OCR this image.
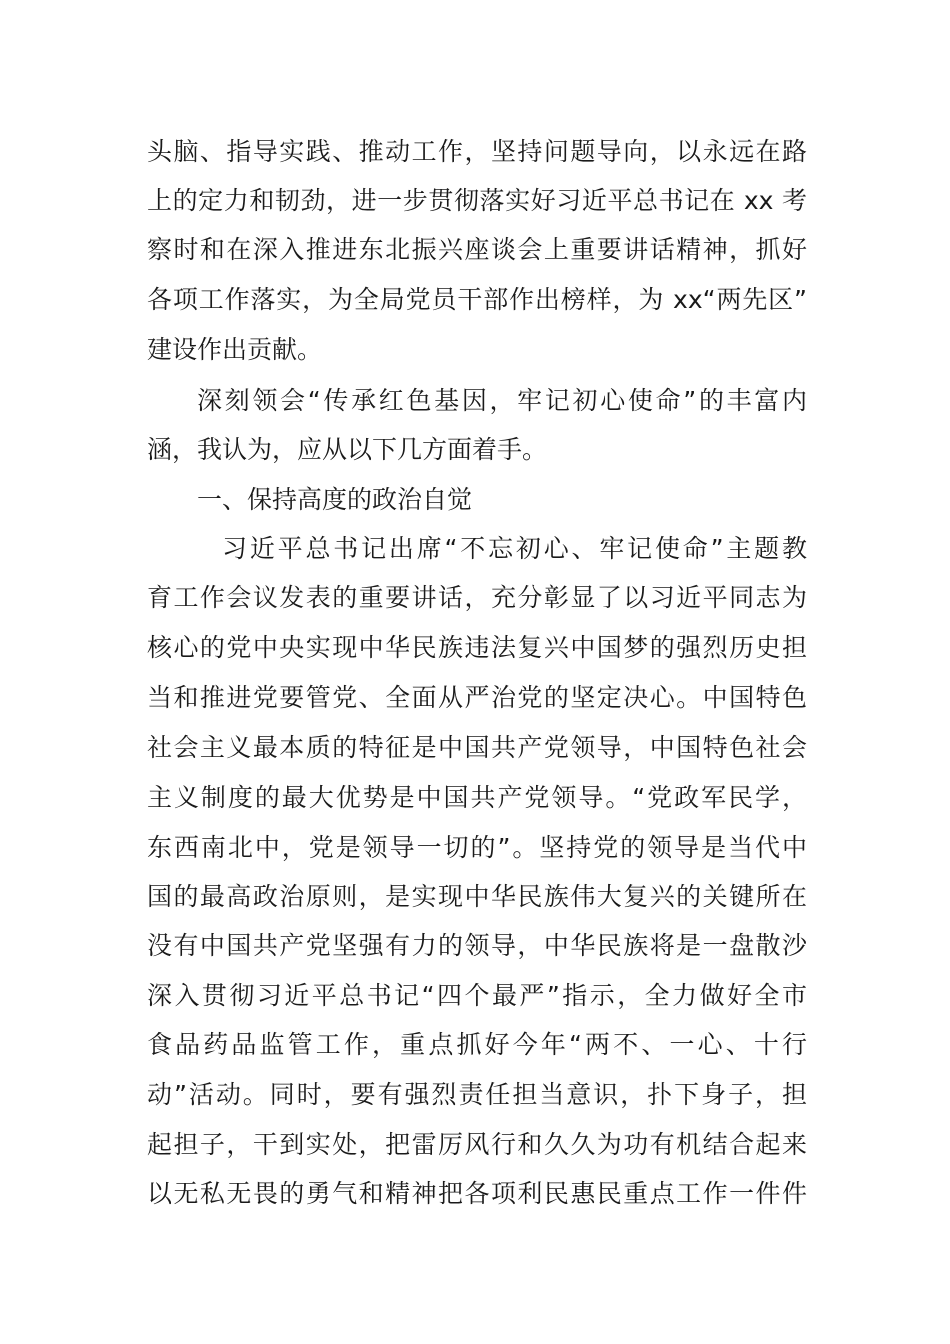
头脑、指导实践、推动工作，坚持问题导向，以永远在路
上的定力和韧劲，进一步贯彻落实好习近平总书记在 xx 考
察时和在深入推进东北振兴座谈会上重要讲话精神，抓好
各项工作落实，为全局党员干部作出榜样，为 xx“两先区”
建设作出贡献。
深刻领会“传承红色基因，牢记初心使命”的丰富内
涵，我认为，应从以下几方面着手。
一、保持高度的政治自觉
习近平总书记出席“不忘初心、牢记使命”主题教
育工作会议发表的重要讲话，充分彰显了以习近平同志为
核心的党中央实现中华民族违法复兴中国梦的强烈历史担
当和推进党要管党、全面从严治党的坚定决心。中国特色
社会主义最本质的特征是中国共产党领导，中国特色社会
主义制度的最大优势是中国共产党领导。“党政军民学，
东西南北中，党是领导一切的”。坚持党的领导是当代中
国的最高政治原则，是实现中华民族伟大复兴的关键所在
没有中国共产党坚强有力的领导，中华民族将是一盘散沙
深入贯彻习近平总书记“四个最严”指示，全力做好全市
食品药品监管工作，重点抓好今年“两不、一心、十行
动”活动。同时，要有强烈责任担当意识，扑下身子，担
起担子，干到实处，把雷厉风行和久久为功有机结合起来
以无私无畏的勇气和精神把各项利民惠民重点工作一件件
